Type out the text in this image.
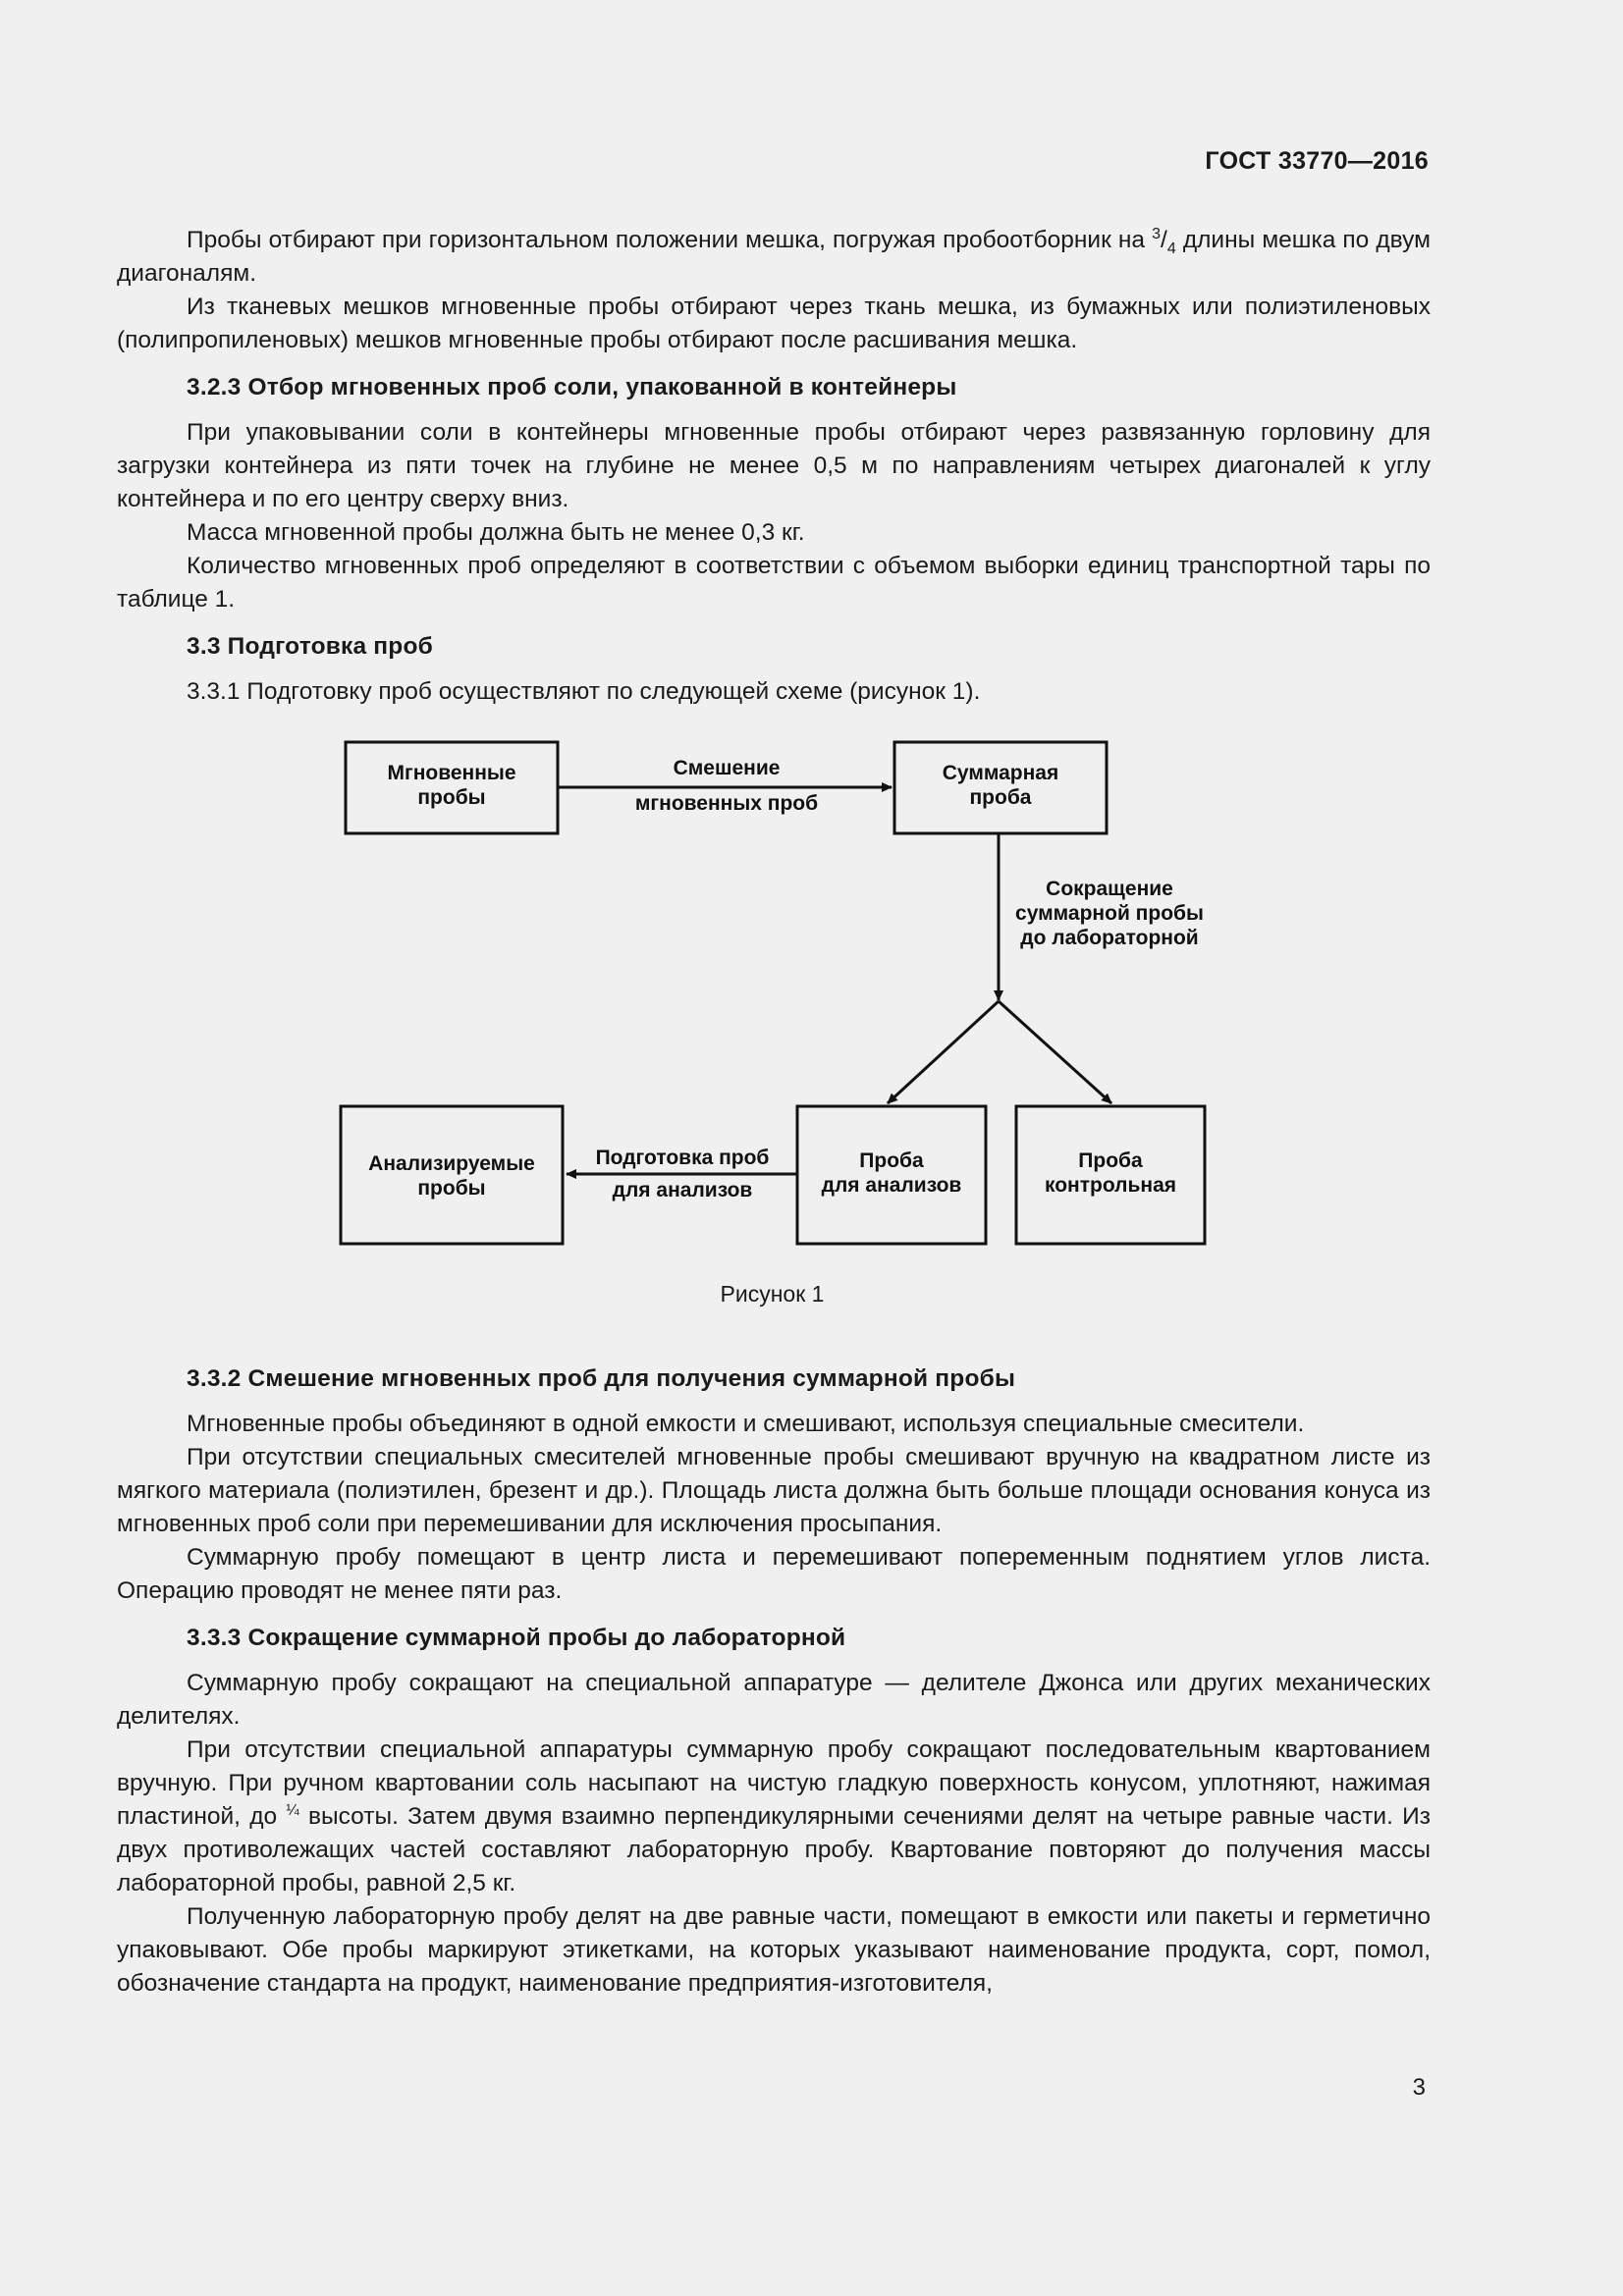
ГОСТ 33770—2016

Пробы отбирают при горизонтальном положении мешка, погружая пробоотборник на $^3/_4$ длины мешка по двум диагоналям.

Из тканевых мешков мгновенные пробы отбирают через ткань мешка, из бумажных или полиэтиленовых (полипропиленовых) мешков мгновенные пробы отбирают после расшивания мешка.

3.2.3 Отбор мгновенных проб соли, упакованной в контейнеры

При упаковывании соли в контейнеры мгновенные пробы отбирают через развязанную горловину для загрузки контейнера из пяти точек на глубине не менее 0,5 м по направлениям четырех диагоналей к углу контейнера и по его центру сверху вниз.

Масса мгновенной пробы должна быть не менее 0,3 кг.

Количество мгновенных проб определяют в соответствии с объемом выборки единиц транспортной тары по таблице 1.

3.3 Подготовка проб

3.3.1 Подготовку проб осуществляют по следующей схеме (рисунок 1).

Мгновенные
пробы
Суммарная
проба
Анализируемые
пробы
Проба
для анализов
Проба
контрольная
Смешение
мгновенных проб
Сокращение
суммарной пробы
до лабораторной
Подготовка проб
для анализов
Рисунок 1

3.3.2 Смешение мгновенных проб для получения суммарной пробы

Мгновенные пробы объединяют в одной емкости и смешивают, используя специальные смесители.

При отсутствии специальных смесителей мгновенные пробы смешивают вручную на квадратном листе из мягкого материала (полиэтилен, брезент и др.). Площадь листа должна быть больше площади основания конуса из мгновенных проб соли при перемешивании для исключения просыпания.

Суммарную пробу помещают в центр листа и перемешивают попеременным поднятием углов листа. Операцию проводят не менее пяти раз.

3.3.3 Сокращение суммарной пробы до лабораторной

Суммарную пробу сокращают на специальной аппаратуре — делителе Джонса или других механических делителях.

При отсутствии специальной аппаратуры суммарную пробу сокращают последовательным квартованием вручную. При ручном квартовании соль насыпают на чистую гладкую поверхность конусом, уплотняют, нажимая пластиной, до $^{\frac{1}{4}}$ высоты. Затем двумя взаимно перпендикулярными сечениями делят на четыре равные части. Из двух противолежащих частей составляют лабораторную пробу. Квартование повторяют до получения массы лабораторной пробы, равной 2,5 кг.

Полученную лабораторную пробу делят на две равные части, помещают в емкости или пакеты и герметично упаковывают. Обе пробы маркируют этикетками, на которых указывают наименование продукта, сорт, помол, обозначение стандарта на продукт, наименование предприятия-изготовителя,

3
